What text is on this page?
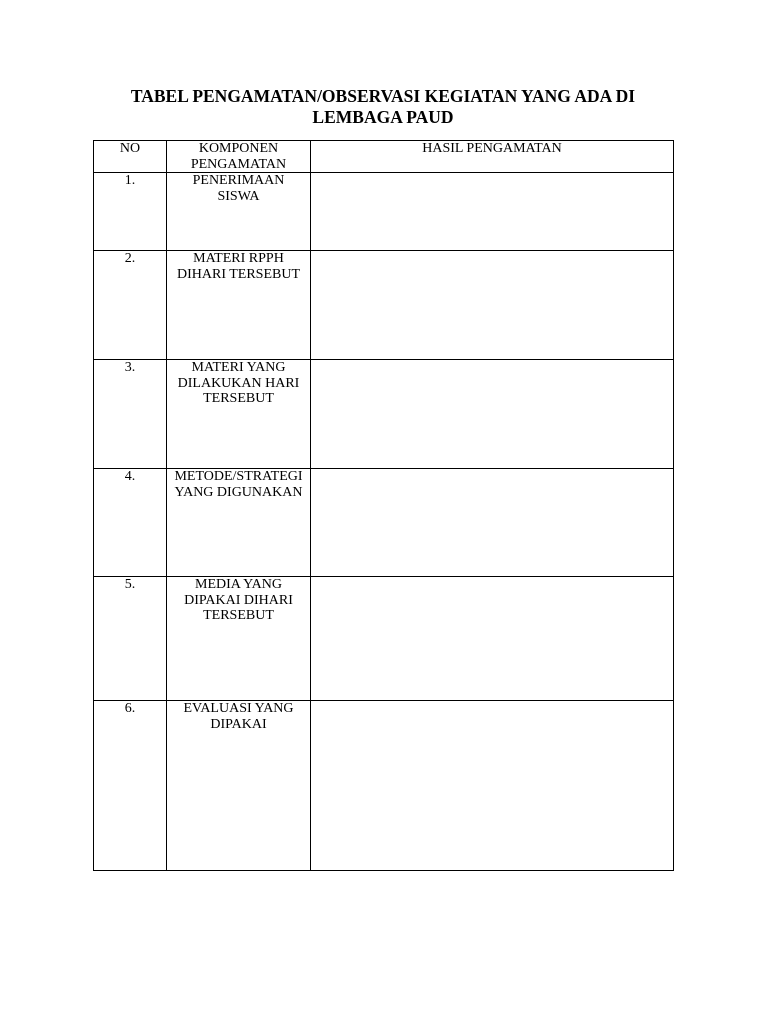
TABEL PENGAMATAN/OBSERVASI KEGIATAN YANG ADA DI
LEMBAGA PAUD
NO	KOMPONEN PENGAMATAN	HASIL PENGAMATAN
1.	PENERIMAAN SISWA	
2.	MATERI RPPH DIHARI TERSEBUT	
3.	MATERI YANG DILAKUKAN HARI TERSEBUT	
4.	METODE/STRATEGI YANG DIGUNAKAN	
5.	MEDIA YANG DIPAKAI DIHARI TERSEBUT	
6.	EVALUASI YANG DIPAKAI	
